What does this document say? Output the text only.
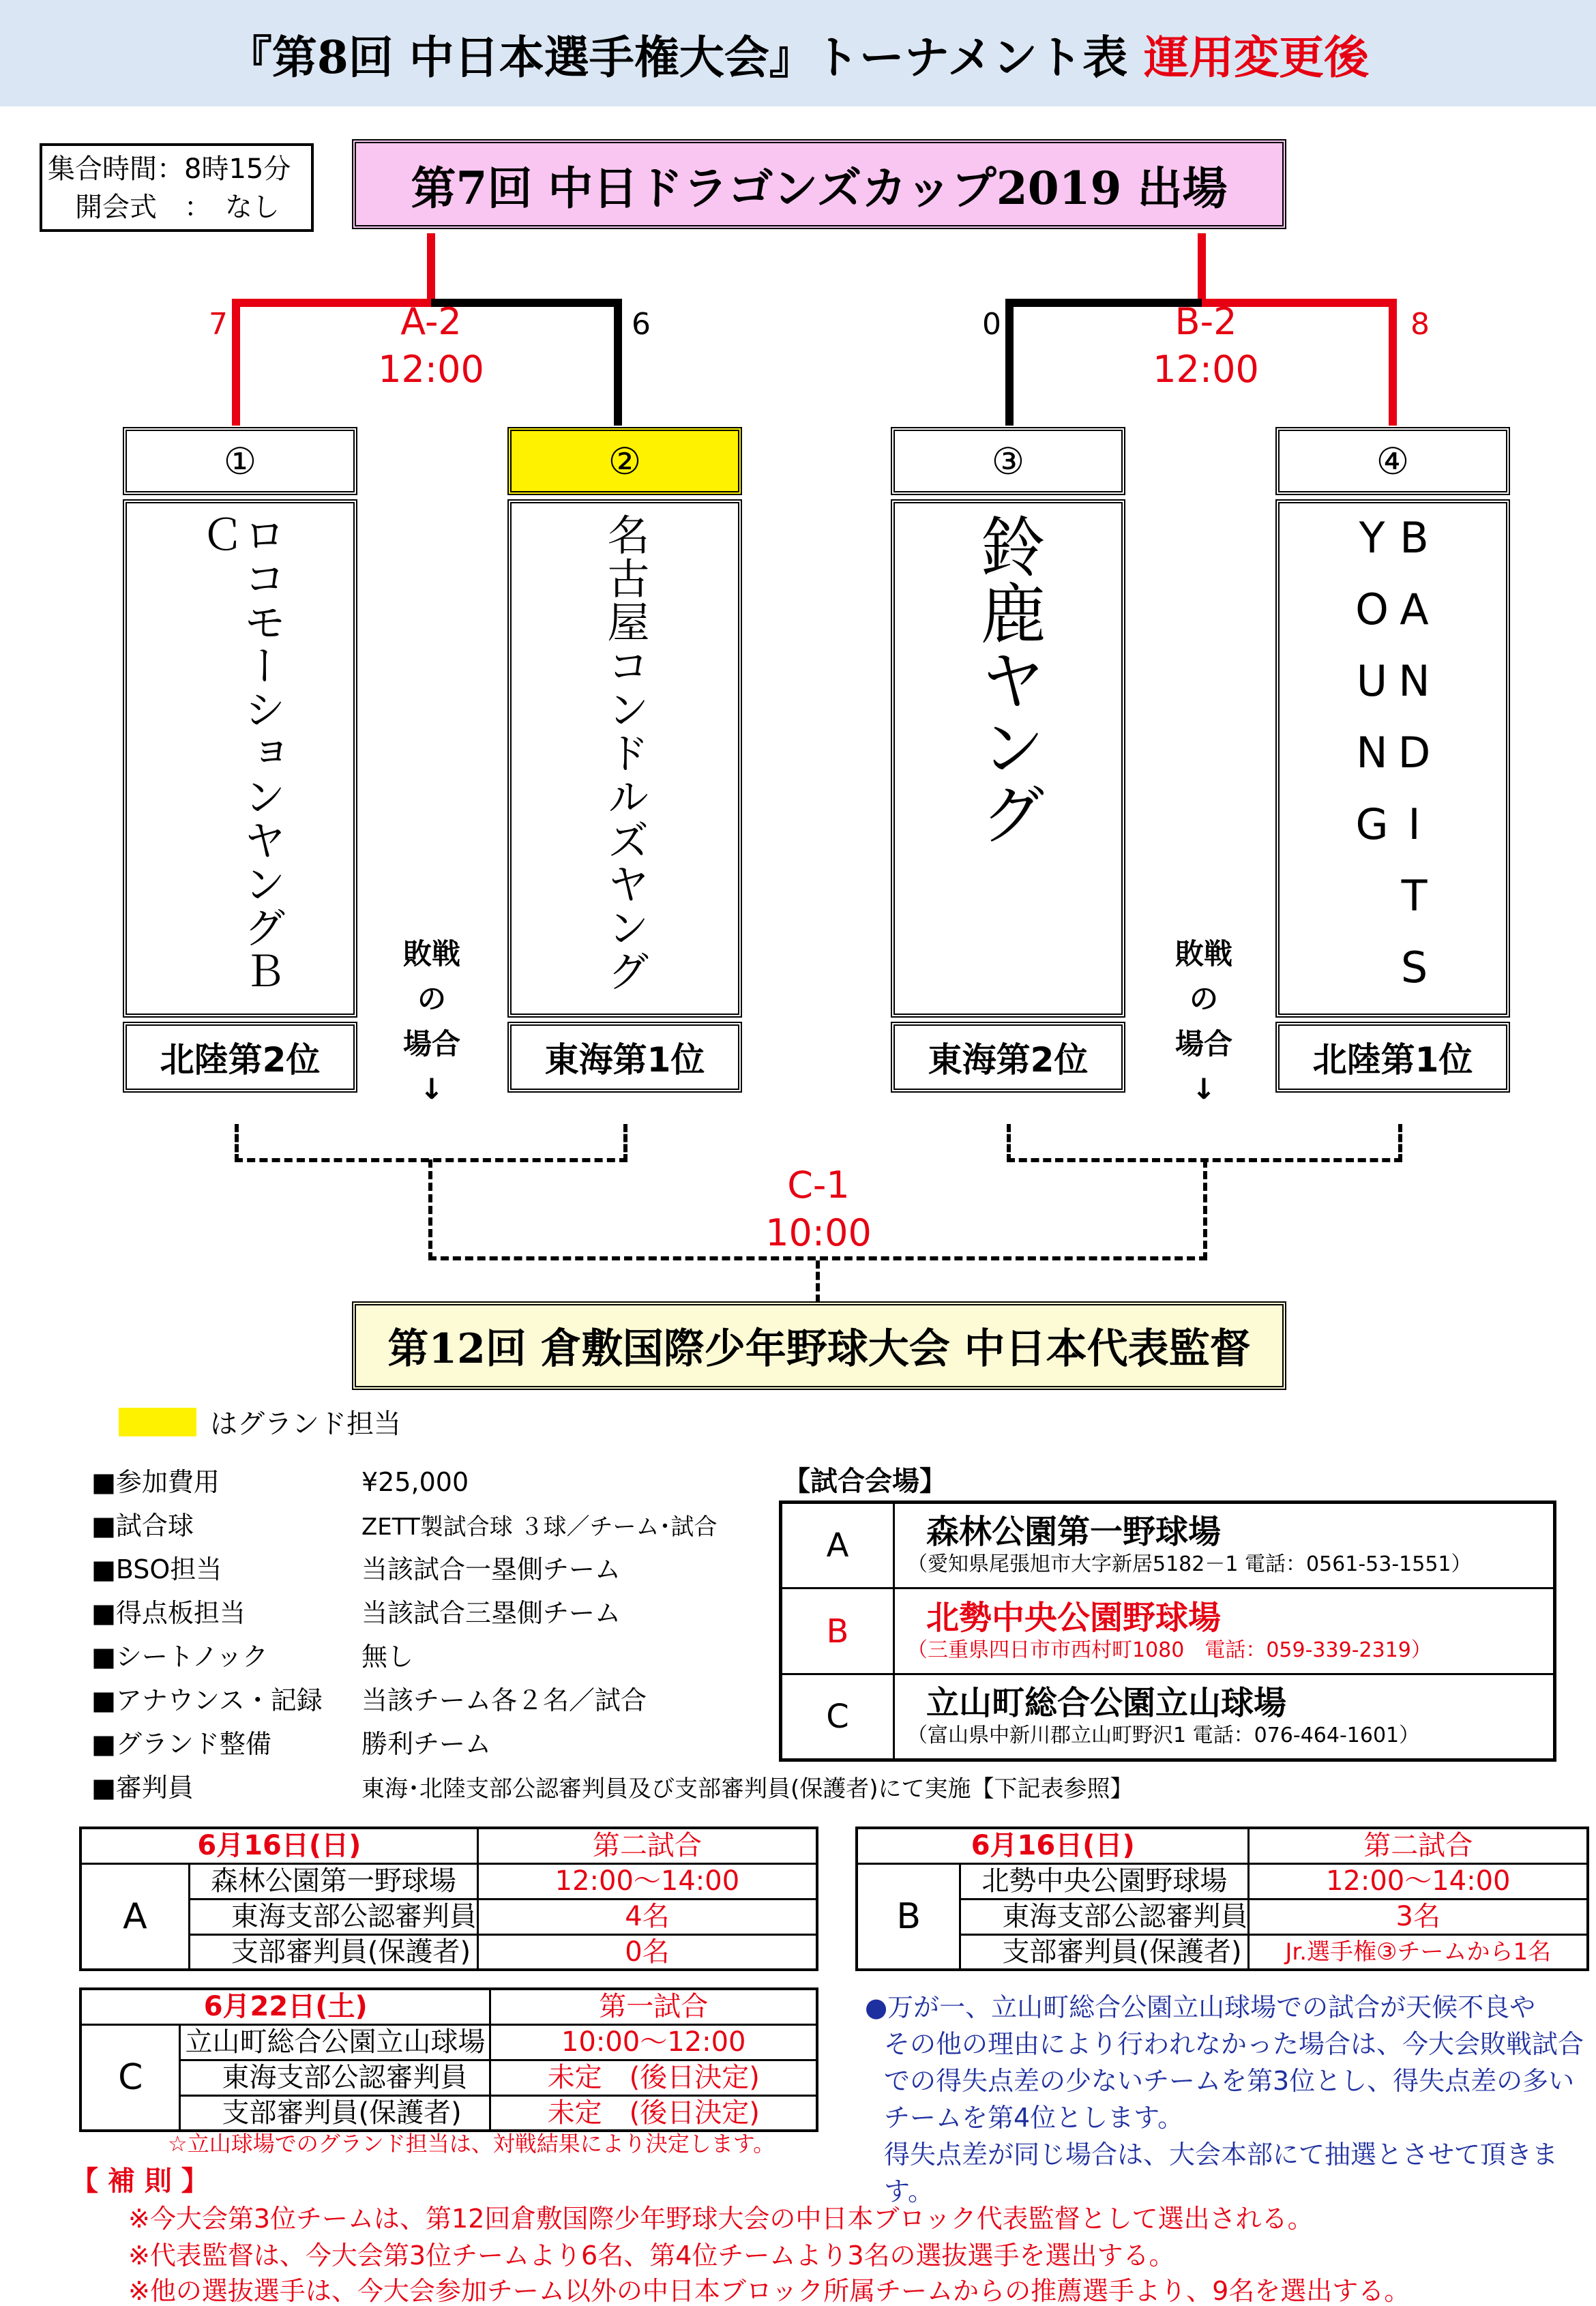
『第8回 中日本選手権大会』トーナメント表 運用変更後
集合時間：8時15分
開会式　：　なし	第7回 中日ドラゴンズカップ2019 出場
A-2
12:00
7	6	B-2
12:00
0	8
①
ロコモーションヤングＢＣ
北陸第2位
②
名古屋コンドルズヤング
東海第1位
③
鈴鹿ヤング
東海第2位
④
BANDITS YOUNG
北陸第1位
敗戦
の
場合
↓
敗戦
の
場合
↓
C-1
10:00
第12回 倉敷国際少年野球大会 中日本代表監督
はグランド担当
■参加費用	¥25,000
■試合球	ZETT製試合球 ３球／チーム･試合
■BSO担当	当該試合一塁側チーム
■得点板担当	当該試合三塁側チーム
■シートノック	無し
■アナウンス・記録 当該チーム各２名／試合
■グランド整備	勝利チーム
■審判員	東海･北陸支部公認審判員及び支部審判員(保護者)にて実施【下記表参照】
【試合会場】
A	森林公園第一野球場
（愛知県尾張旭市大字新居5182－1 電話：0561-53-1551）

B	北勢中央公園野球場
（三重県四日市市西村町1080　電話：059-339-2319）

C	立山町総合公園立山球場
（富山県中新川郡立山町野沢1 電話：076-464-1601）
6月16日(日)		第二試合
A	森林公園第一野球場	12:00～14:00
	東海支部公認審判員	4名
	支部審判員(保護者)	0名
6月16日(日)		第二試合
B	北勢中央公園野球場	12:00～14:00
	東海支部公認審判員	3名
	支部審判員(保護者)	Jr.選手権③チームから1名
6月22日(土)		第一試合
C	立山町総合公園立山球場	10:00～12:00
	東海支部公認審判員	未定　(後日決定)
	支部審判員(保護者)	未定　(後日決定)
●万が一、立山町総合公園立山球場での試合が天候不良や
その他の理由により行われなかった場合は、今大会敗戦試合
での得失点差の少ないチームを第3位とし、得失点差の多い
チームを第4位とします。
得失点差が同じ場合は、大会本部にて抽選とさせて頂きます。
☆立山球場でのグランド担当は、対戦結果により決定します。
【 補 則 】
※今大会第3位チームは、第12回倉敷国際少年野球大会の中日本ブロック代表監督として選出される。
※代表監督は、今大会第3位チームより6名、第4位チームより3名の選抜選手を選出する。
※他の選抜選手は、今大会参加チーム以外の中日本ブロック所属チームからの推薦選手より、9名を選出する。
